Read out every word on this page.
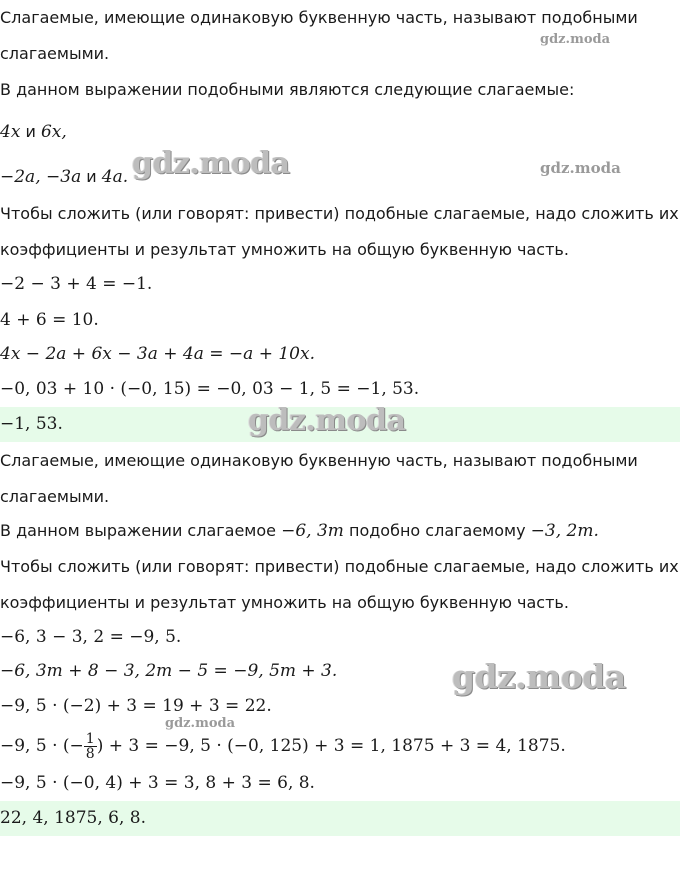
Слагаемые, имеющие одинаковую буквенную часть, называют подобными
слагаемыми.
В данном выражении подобными являются следующие слагаемые:
4x и 6x,
−2a, −3a и 4a.
Чтобы сложить (или говорят: привести) подобные слагаемые, надо сложить их
коэффициенты и результат умножить на общую буквенную часть.
−2 − 3 + 4 = −1.
4 + 6 = 10.
4x − 2a + 6x − 3a + 4a = −a + 10x.
−0, 03 + 10 · (−0, 15) = −0, 03 − 1, 5 = −1, 53.
−1, 53.
Слагаемые, имеющие одинаковую буквенную часть, называют подобными
слагаемыми.
В данном выражении слагаемое −6, 3m подобно слагаемому −3, 2m.
Чтобы сложить (или говорят: привести) подобные слагаемые, надо сложить их
коэффициенты и результат умножить на общую буквенную часть.
−6, 3 − 3, 2 = −9, 5.
−6, 3m + 8 − 3, 2m − 5 = −9, 5m + 3.
−9, 5 · (−2) + 3 = 19 + 3 = 22.
−9, 5 · (− $\frac{1}{8}$ ) + 3 = −9, 5 · (−0, 125) + 3 = 1, 1875 + 3 = 4, 1875.
−9, 5 · (−0, 4) + 3 = 3, 8 + 3 = 6, 8.
22, 4, 1875, 6, 8.
gdz.moda
gdz.moda	gdz.moda
gdz.moda
gdz.moda
gdz.moda
